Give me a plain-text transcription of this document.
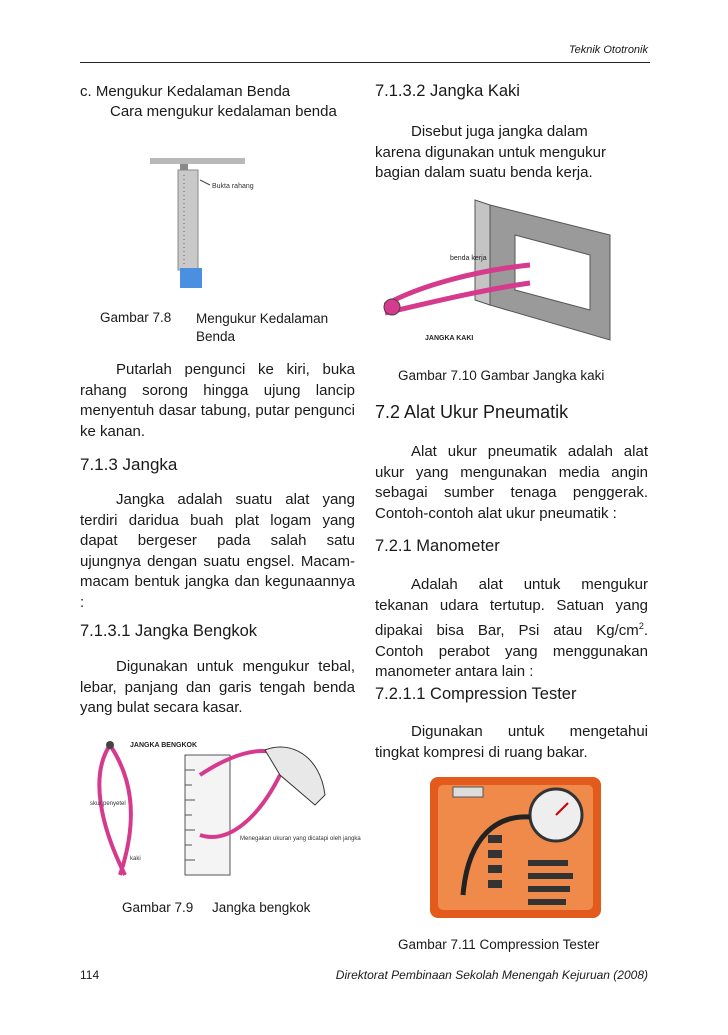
Teknik Ototronik
c. Mengukur Kedalaman Benda
Cara mengukur kedalaman benda
Bukta rahang
Gambar 7.8 Mengukur Kedalaman Benda
Putarlah pengunci ke kiri, buka rahang sorong hingga ujung lancip menyentuh dasar tabung, putar pengunci ke kanan.
7.1.3 Jangka
Jangka adalah suatu alat yang terdiri daridua buah plat logam yang dapat bergeser pada salah satu ujungnya dengan suatu engsel. Macam-macam bentuk jangka dan kegunaannya :
7.1.3.1 Jangka Bengkok
Digunakan untuk mengukur tebal, lebar, panjang dan garis tengah benda yang bulat secara kasar.
JANGKA BENGKOK
skur penyetel
kaki
Menegakan ukuran yang dicatapi oleh jangka
Gambar 7.9 Jangka bengkok
7.1.3.2 Jangka Kaki
Disebut juga jangka dalam karena digunakan untuk mengukur bagian dalam suatu benda kerja.
benda kerja
JANGKA KAKI
Gambar 7.10 Gambar Jangka kaki
7.2 Alat Ukur Pneumatik
Alat ukur pneumatik adalah alat ukur yang mengunakan media angin sebagai sumber tenaga penggerak. Contoh-contoh alat ukur pneumatik :
7.2.1 Manometer
Adalah alat untuk mengukur tekanan udara tertutup. Satuan yang dipakai bisa Bar, Psi atau $Kg/cm^2$. Contoh perabot yang menggunakan manometer antara lain :
7.2.1.1 Compression Tester
Digunakan untuk mengetahui tingkat kompresi di ruang bakar.
Gambar 7.11 Compression Tester
114	Direktorat Pembinaan Sekolah Menengah Kejuruan (2008)
